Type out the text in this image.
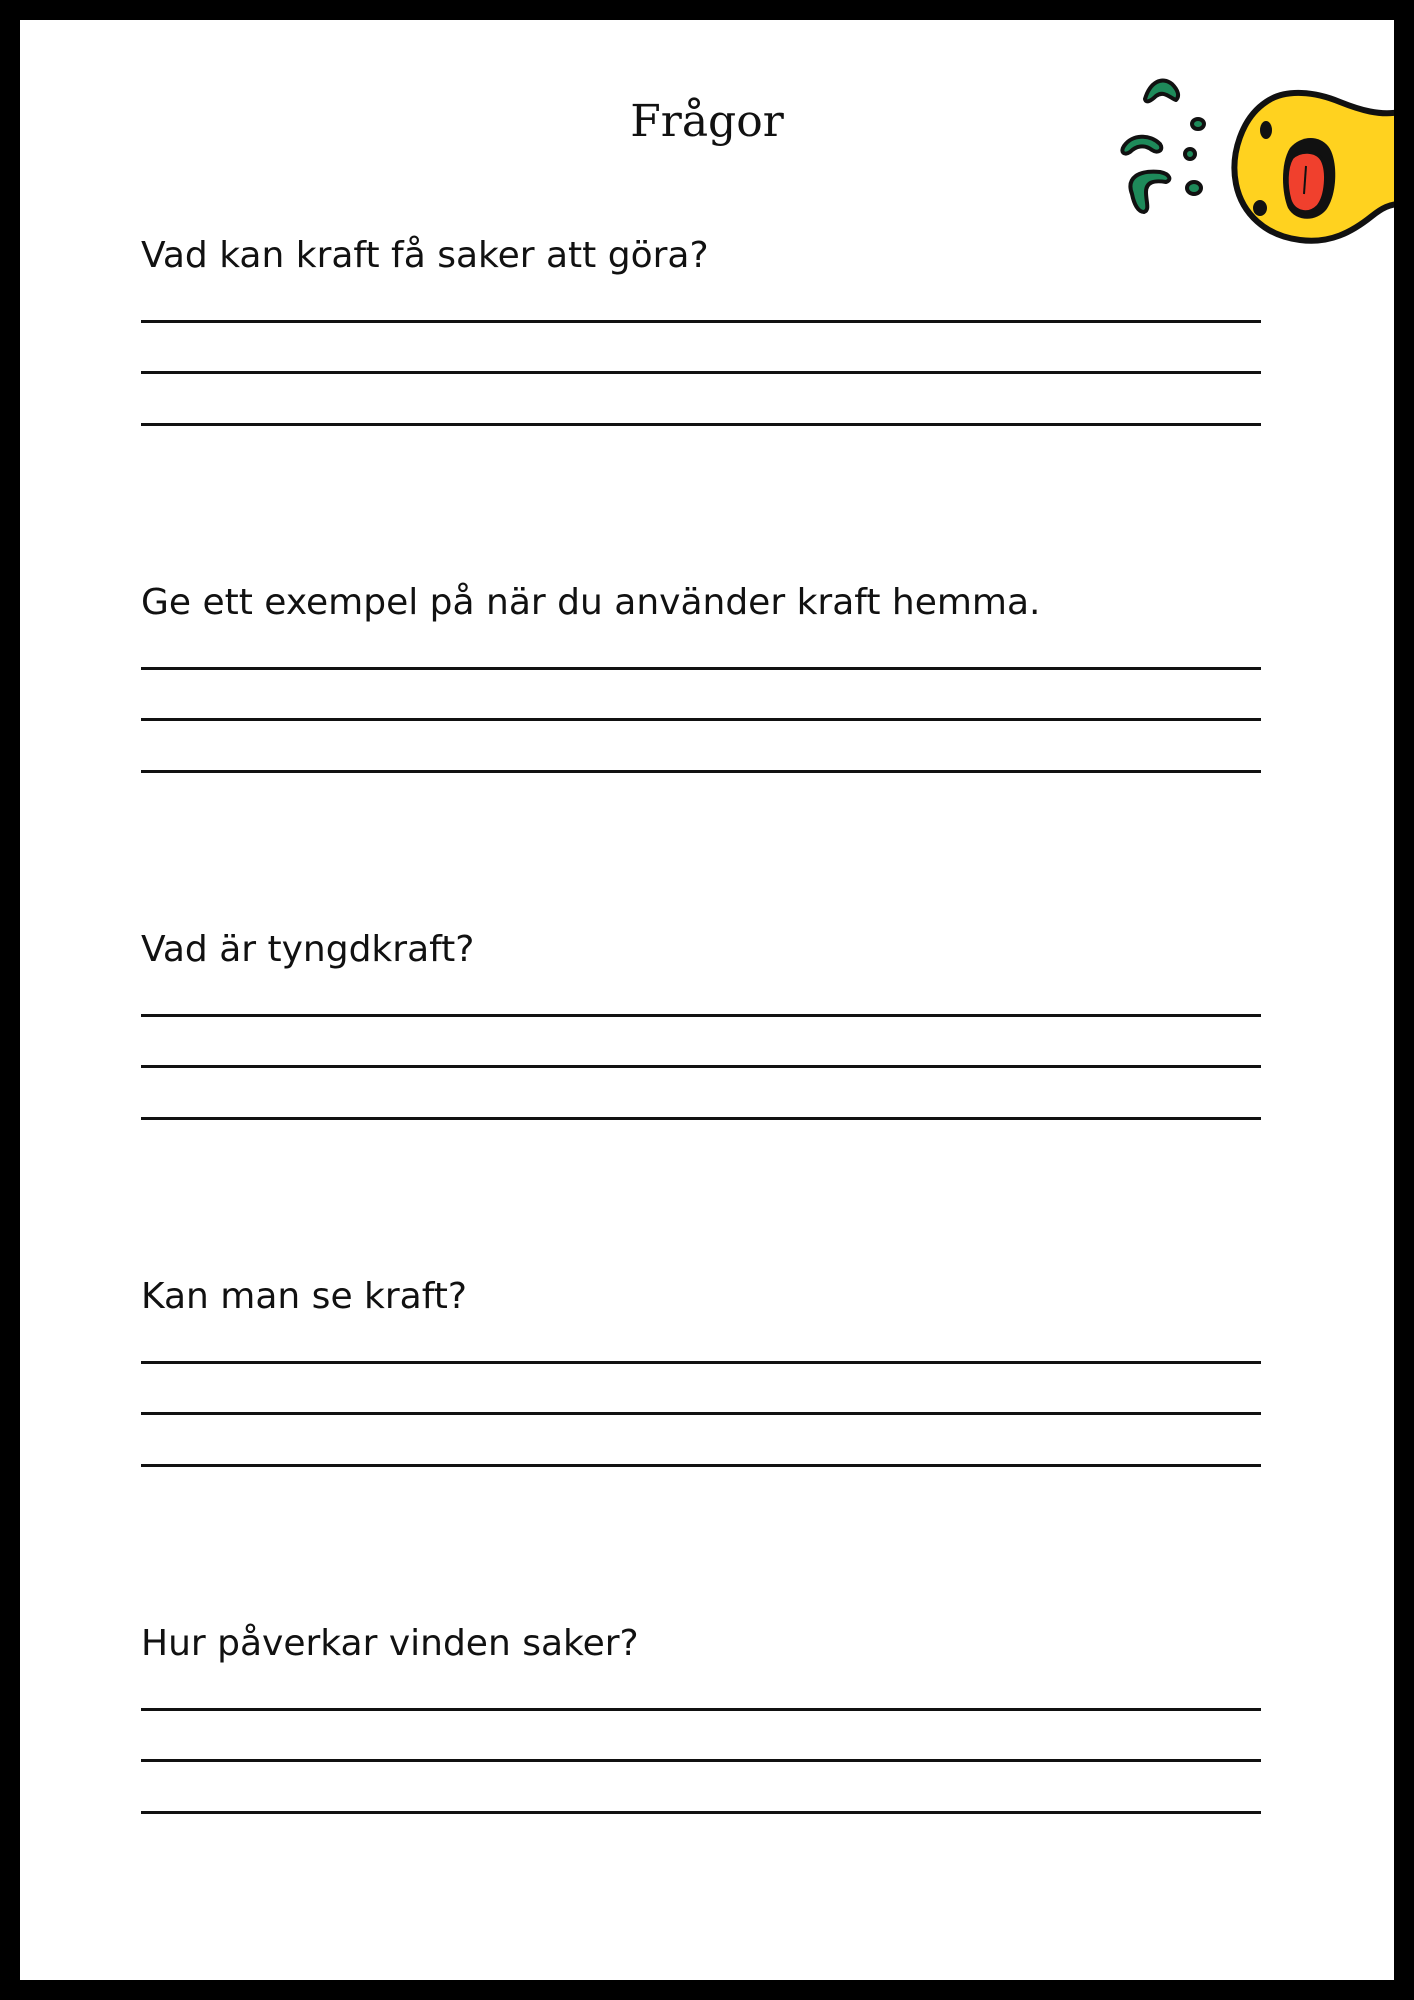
Frågor

Vad kan kraft få saker att göra?

Ge ett exempel på när du använder kraft hemma.

Vad är tyngdkraft?

Kan man se kraft?

Hur påverkar vinden saker?
